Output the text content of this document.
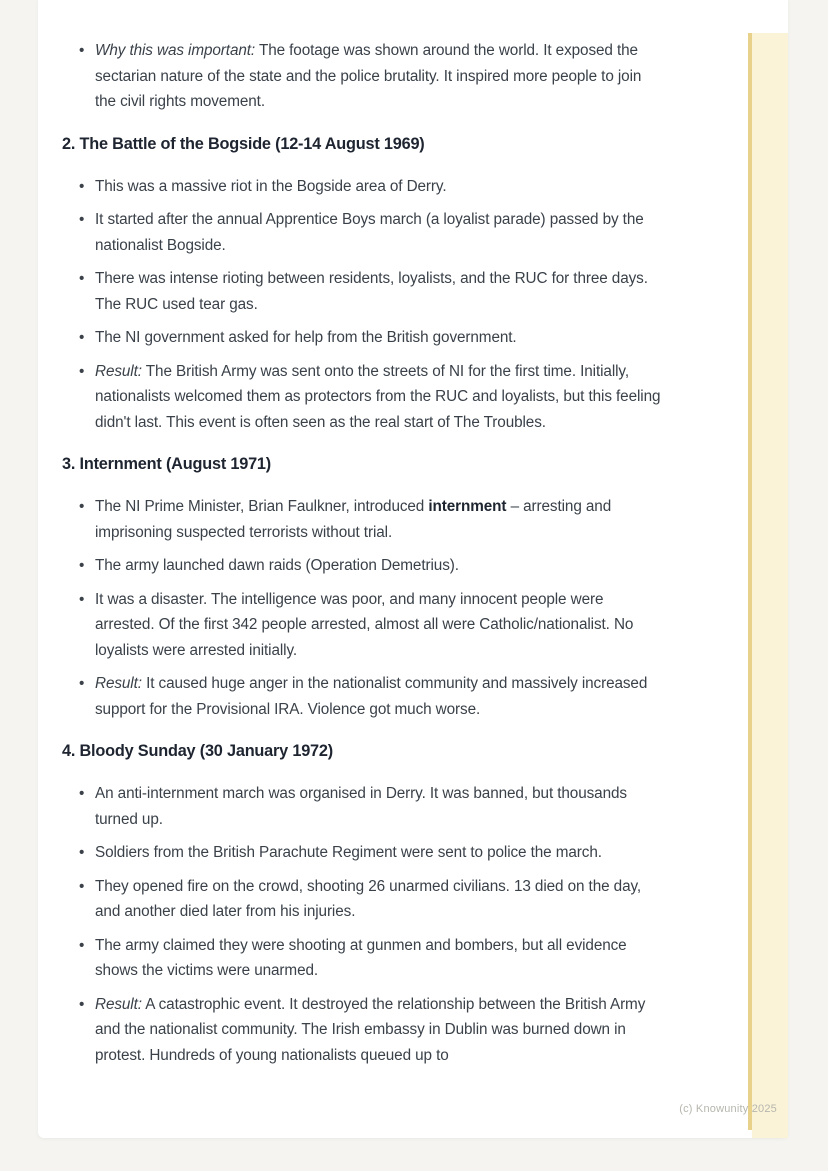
• Why this was important: The footage was shown around the world. It exposed the sectarian nature of the state and the police brutality. It inspired more people to join the civil rights movement.
2. The Battle of the Bogside (12-14 August 1969)
• This was a massive riot in the Bogside area of Derry.
• It started after the annual Apprentice Boys march (a loyalist parade) passed by the nationalist Bogside.
• There was intense rioting between residents, loyalists, and the RUC for three days. The RUC used tear gas.
• The NI government asked for help from the British government.
• Result: The British Army was sent onto the streets of NI for the first time. Initially, nationalists welcomed them as protectors from the RUC and loyalists, but this feeling didn't last. This event is often seen as the real start of The Troubles.
3. Internment (August 1971)
• The NI Prime Minister, Brian Faulkner, introduced internment – arresting and imprisoning suspected terrorists without trial.
• The army launched dawn raids (Operation Demetrius).
• It was a disaster. The intelligence was poor, and many innocent people were arrested. Of the first 342 people arrested, almost all were Catholic/nationalist. No loyalists were arrested initially.
• Result: It caused huge anger in the nationalist community and massively increased support for the Provisional IRA. Violence got much worse.
4. Bloody Sunday (30 January 1972)
• An anti-internment march was organised in Derry. It was banned, but thousands turned up.
• Soldiers from the British Parachute Regiment were sent to police the march.
• They opened fire on the crowd, shooting 26 unarmed civilians. 13 died on the day, and another died later from his injuries.
• The army claimed they were shooting at gunmen and bombers, but all evidence shows the victims were unarmed.
• Result: A catastrophic event. It destroyed the relationship between the British Army and the nationalist community. The Irish embassy in Dublin was burned down in protest. Hundreds of young nationalists queued up to
(c) Knowunity 2025
